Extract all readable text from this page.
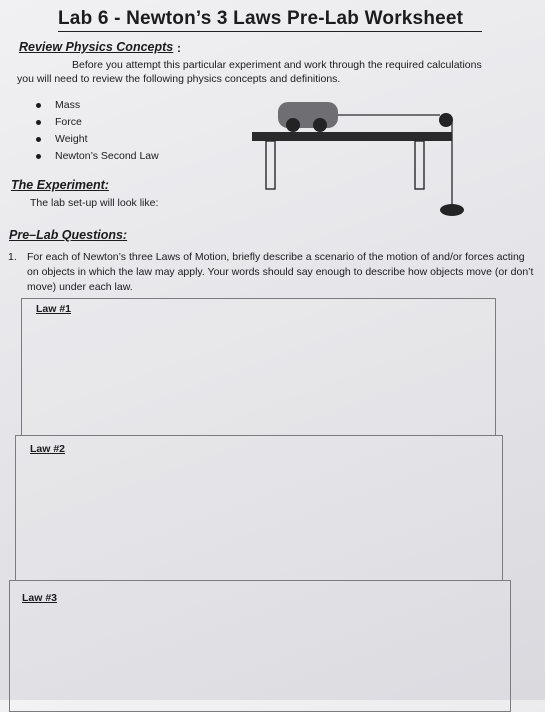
Lab 6 - Newton’s 3 Laws Pre-Lab Worksheet
Review Physics Concepts :
Before you attempt this particular experiment and work through the required calculations
you will need to review the following physics concepts and definitions.
Mass
Force
Weight
Newton’s Second Law
The Experiment:
The lab set-up will look like:
Pre–Lab Questions:
1. For each of Newton’s three Laws of Motion, briefly describe a scenario of the motion of and/or forces acting on objects in which the law may apply. Your words should say enough to describe how objects move (or don’t move) under each law.
Law #1
Law #2
Law #3
